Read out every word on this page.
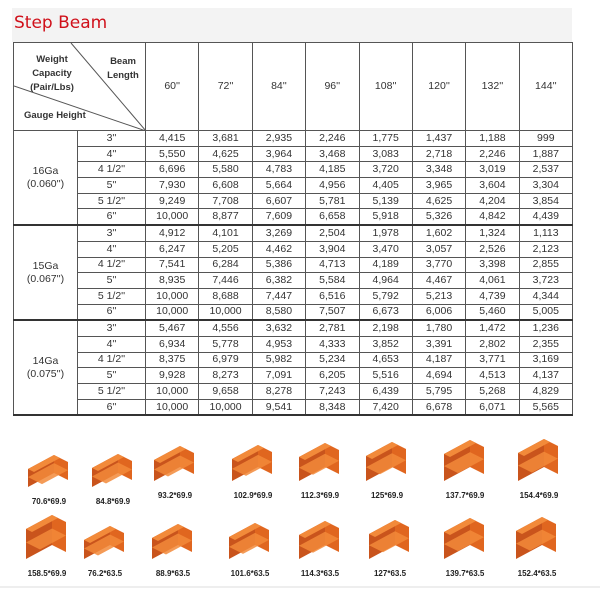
Step Beam
Weight Capacity (Pair/Lbs)
Beam Length
Gauge Height		60''	72''	84''	96''	108''	120''	132''	144''

16Ga
(0.060'')	3''	4,415	3,681	2,935	2,246	1,775	1,437	1,188	999
	4''	5,550	4,625	3,964	3,468	3,083	2,718	2,246	1,887
	4 1/2''	6,696	5,580	4,783	4,185	3,720	3,348	3,019	2,537
	5''	7,930	6,608	5,664	4,956	4,405	3,965	3,604	3,304
	5 1/2''	9,249	7,708	6,607	5,781	5,139	4,625	4,204	3,854
	6''	10,000	8,877	7,609	6,658	5,918	5,326	4,842	4,439

15Ga
(0.067'')	3''	4,912	4,101	3,269	2,504	1,978	1,602	1,324	1,113
	4''	6,247	5,205	4,462	3,904	3,470	3,057	2,526	2,123
	4 1/2''	7,541	6,284	5,386	4,713	4,189	3,770	3,398	2,855
	5''	8,935	7,446	6,382	5,584	4,964	4,467	4,061	3,723
	5 1/2''	10,000	8,688	7,447	6,516	5,792	5,213	4,739	4,344
	6''	10,000	10,000	8,580	7,507	6,673	6,006	5,460	5,005

14Ga
(0.075'')	3''	5,467	4,556	3,632	2,781	2,198	1,780	1,472	1,236
	4''	6,934	5,778	4,953	4,333	3,852	3,391	2,802	2,355
	4 1/2''	8,375	6,979	5,982	5,234	4,653	4,187	3,771	3,169
	5''	9,928	8,273	7,091	6,205	5,516	4,694	4,513	4,137
	5 1/2''	10,000	9,658	8,278	7,243	6,439	5,795	5,268	4,829
	6''	10,000	10,000	9,541	8,348	7,420	6,678	6,071	5,565
70.6*69.9	84.8*69.9
93.2*69.9	102.9*69.9	112.3*69.9	125*69.9	137.7*69.9	154.4*69.9
158.5*69.9	76.2*63.5	88.9*63.5	101.6*63.5	114.3*63.5	127*63.5	139.7*63.5	152.4*63.5
